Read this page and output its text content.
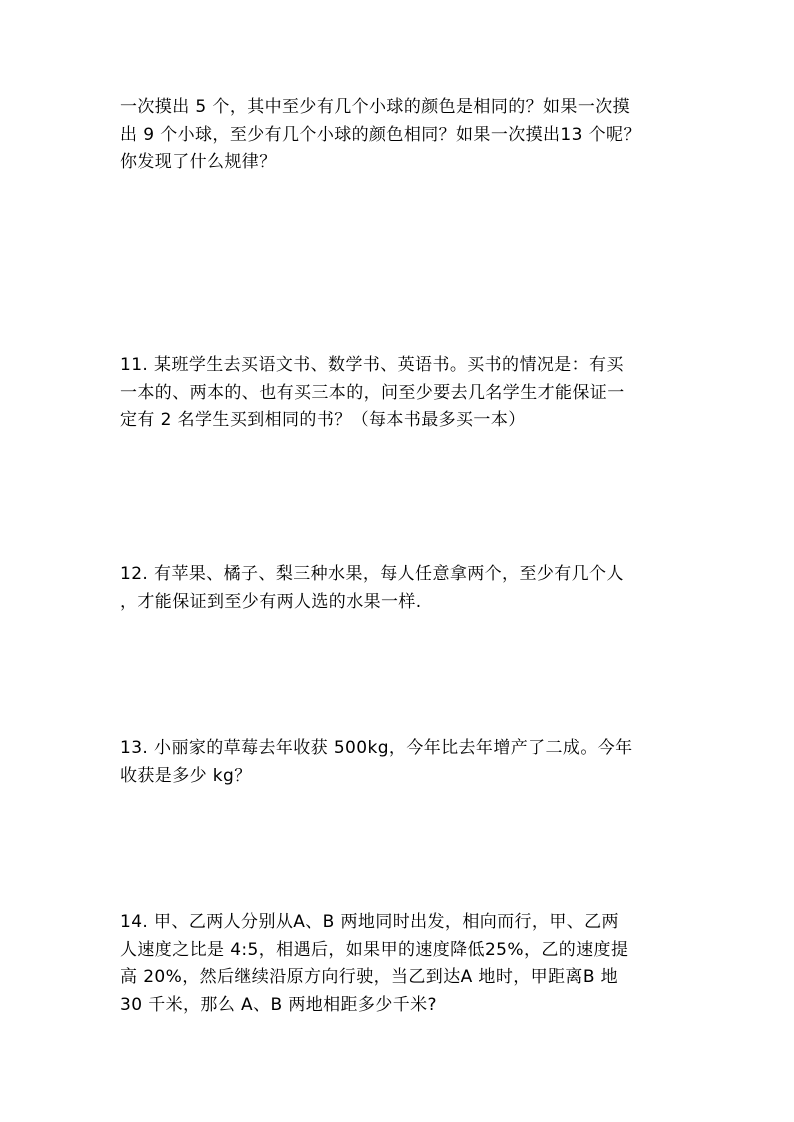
一次摸出 5 个，其中至少有几个小球的颜色是相同的？如果一次摸
出 9 个小球，至少有几个小球的颜色相同？如果一次摸出13 个呢？
你发现了什么规律？
11. 某班学生去买语文书、数学书、英语书。买书的情况是：有买
一本的、两本的、也有买三本的，问至少要去几名学生才能保证一
定有 2 名学生买到相同的书？（每本书最多买一本）
12. 有苹果、橘子、梨三种水果，每人任意拿两个，至少有几个人
，才能保证到至少有两人选的水果一样.
13. 小丽家的草莓去年收获 500kg，今年比去年增产了二成。今年
收获是多少 kg？
14. 甲、乙两人分别从A、B 两地同时出发，相向而行，甲、乙两
人速度之比是 4:5，相遇后，如果甲的速度降低25%，乙的速度提
高 20%，然后继续沿原方向行驶，当乙到达A 地时，甲距离B 地
30 千米，那么 A、B 两地相距多少千米?
